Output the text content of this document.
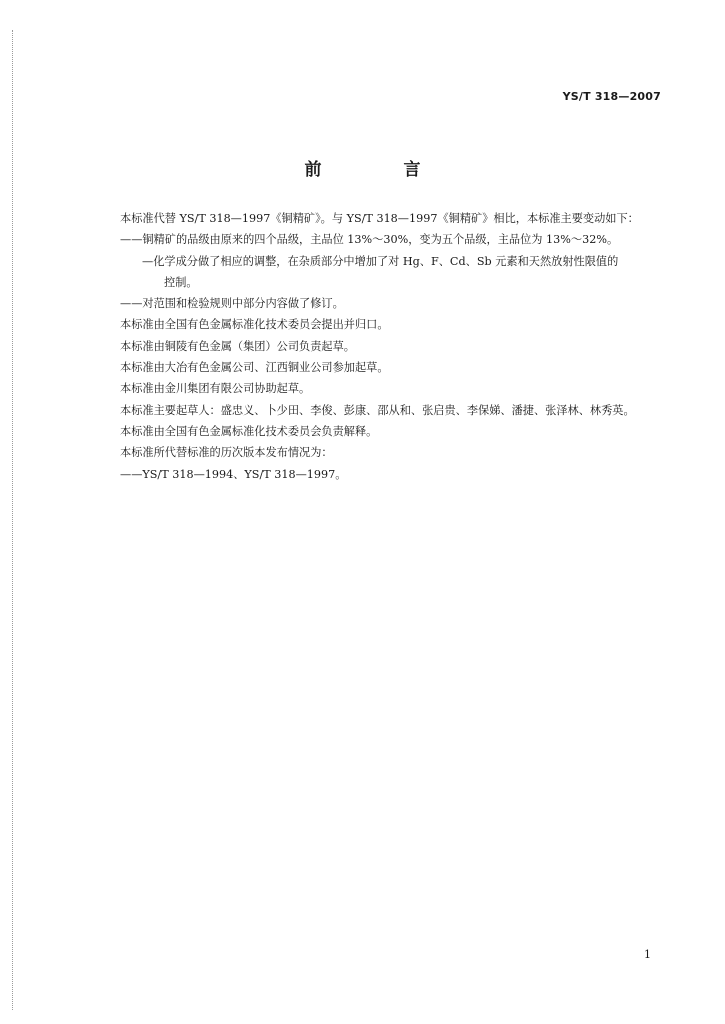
YS/T 318—2007
前 言
本标准代替 YS/T 318—1997《铜精矿》。与 YS/T 318—1997《铜精矿》相比，本标准主要变动如下：
——铜精矿的品级由原来的四个品级，主品位 13%～30%，变为五个品级，主品位为 13%～32%。
—化学成分做了相应的调整，在杂质部分中增加了对 Hg、F、Cd、Sb 元素和天然放射性限值的
控制。
——对范围和检验规则中部分内容做了修订。
本标准由全国有色金属标准化技术委员会提出并归口。
本标准由铜陵有色金属（集团）公司负责起草。
本标准由大冶有色金属公司、江西铜业公司参加起草。
本标准由金川集团有限公司协助起草。
本标准主要起草人：盛忠义、卜少田、李俊、彭康、邵从和、张启贵、李保娣、潘捷、张泽林、林秀英。
本标准由全国有色金属标准化技术委员会负责解释。
本标准所代替标准的历次版本发布情况为：
——YS/T 318—1994、YS/T 318—1997。
1
